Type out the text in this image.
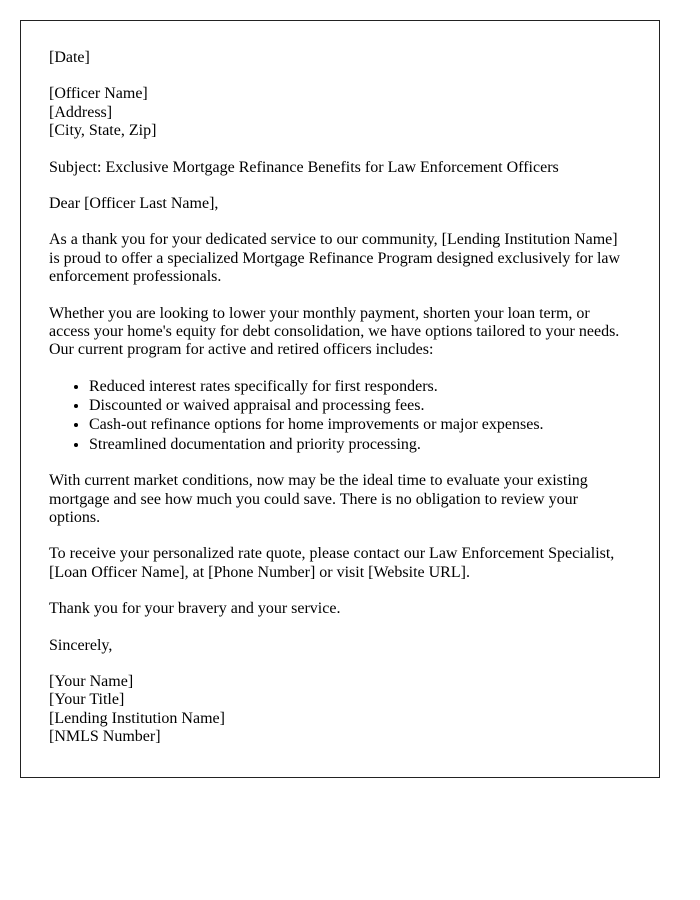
[Date]

[Officer Name]
[Address]
[City, State, Zip]

Subject: Exclusive Mortgage Refinance Benefits for Law Enforcement Officers

Dear [Officer Last Name],

As a thank you for your dedicated service to our community, [Lending Institution Name] is proud to offer a specialized Mortgage Refinance Program designed exclusively for law enforcement professionals.

Whether you are looking to lower your monthly payment, shorten your loan term, or access your home's equity for debt consolidation, we have options tailored to your needs. Our current program for active and retired officers includes:

• Reduced interest rates specifically for first responders.
• Discounted or waived appraisal and processing fees.
• Cash-out refinance options for home improvements or major expenses.
• Streamlined documentation and priority processing.

With current market conditions, now may be the ideal time to evaluate your existing mortgage and see how much you could save. There is no obligation to review your options.

To receive your personalized rate quote, please contact our Law Enforcement Specialist, [Loan Officer Name], at [Phone Number] or visit [Website URL].

Thank you for your bravery and your service.

Sincerely,

[Your Name]
[Your Title]
[Lending Institution Name]
[NMLS Number]
